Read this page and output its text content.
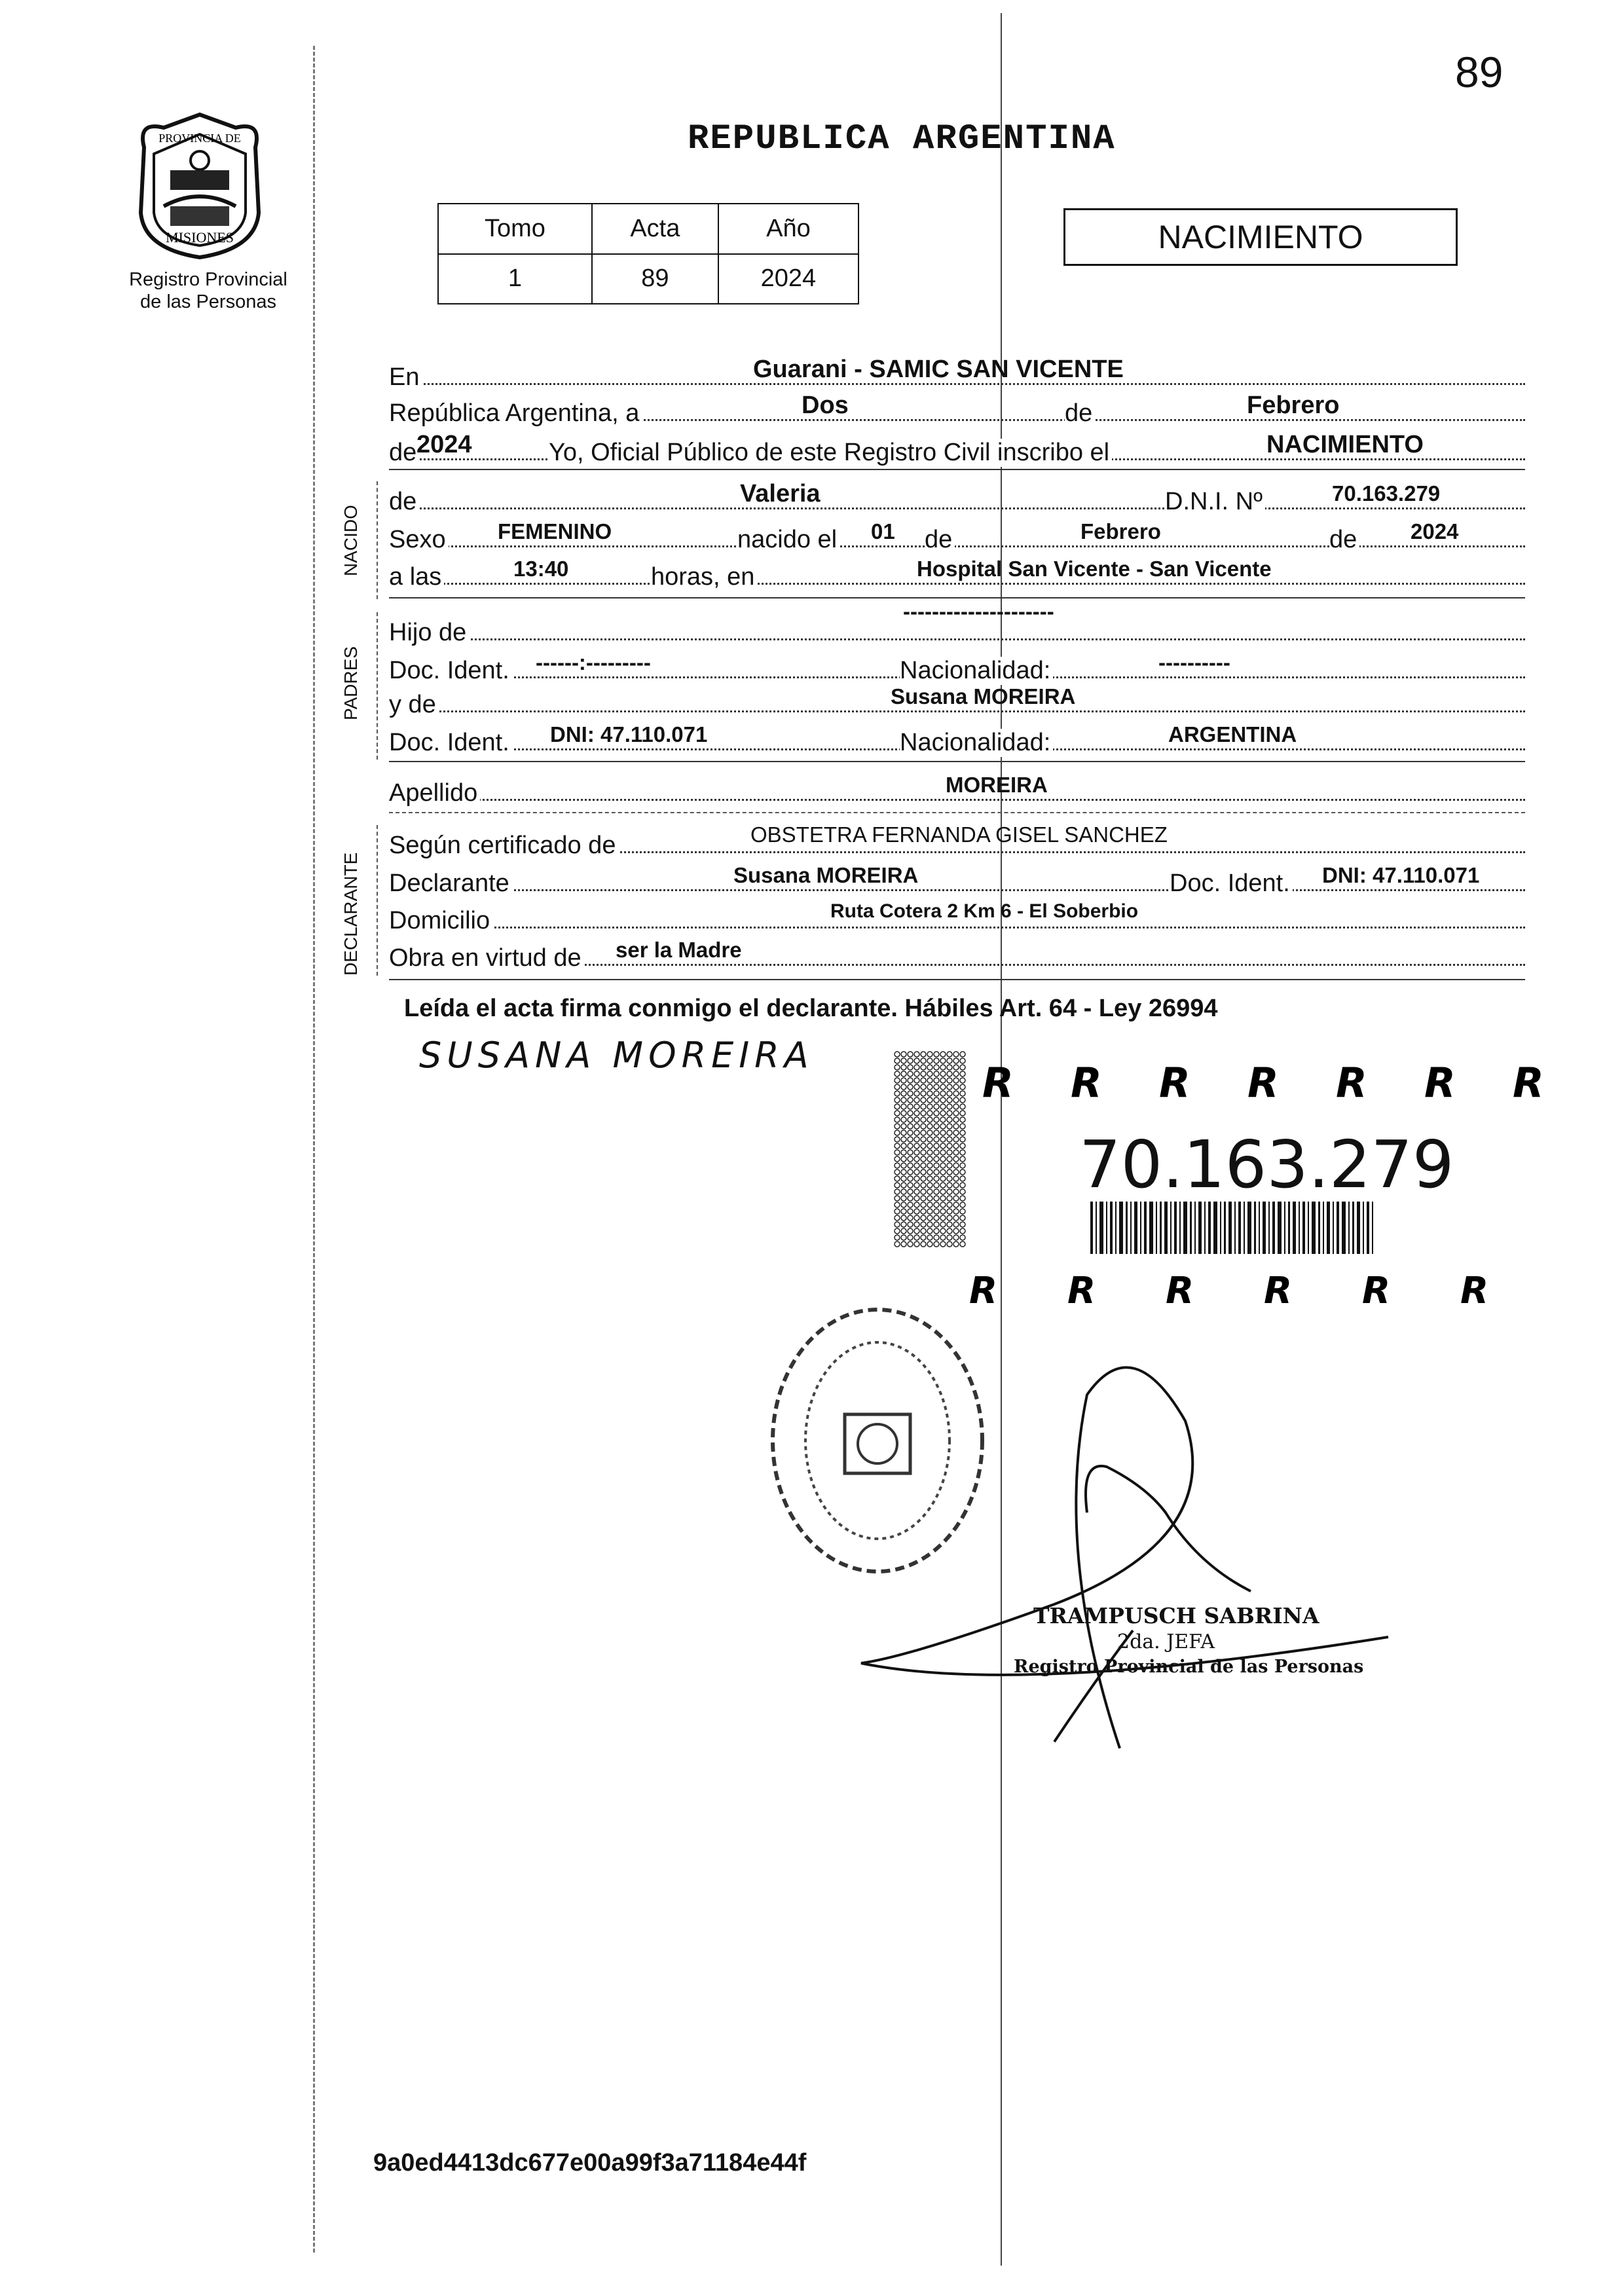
89
PROVINCIA DE
MISIONES
Registro Provincial
de las Personas
REPUBLICA ARGENTINA
Tomo	Acta	Año
1	89	2024
NACIMIENTO
En	Guarani - SAMIC SAN VICENTE
República Argentina, a	Dos	de	Febrero
de 2024	Yo, Oficial Público de este Registro Civil inscribo el	NACIMIENTO
NACIDO
de	Valeria	D.N.I. Nº	70.163.279
Sexo FEMENINO	nacido el 01 de	Febrero	de 2024
a las	13:40	horas, en	Hospital San Vicente - San Vicente
PADRES
Hijo de
---------------------
Doc. Ident. ------:---------	Nacionalidad:	----------
y de	Susana MOREIRA
Doc. Ident. DNI: 47.110.071	Nacionalidad:	ARGENTINA
Apellido	MOREIRA
DECLARANTE
Según certificado de	OBSTETRA FERNANDA GISEL SANCHEZ
Declarante	Susana MOREIRA	Doc. Ident. DNI: 47.110.071
Domicilio	Ruta Cotera 2 Km 6 - El Soberbio
Obra en virtud de ser la Madre
Leída el acta firma conmigo el declarante. Hábiles Art. 64 - Ley 26994
SUSANA MOREIRA
R R R R R R R
R R R R R R
70.163.279
TRAMPUSCH SABRINA
2da. JEFA
Registro Provincial de las Personas
9a0ed4413dc677e00a99f3a71184e44f
